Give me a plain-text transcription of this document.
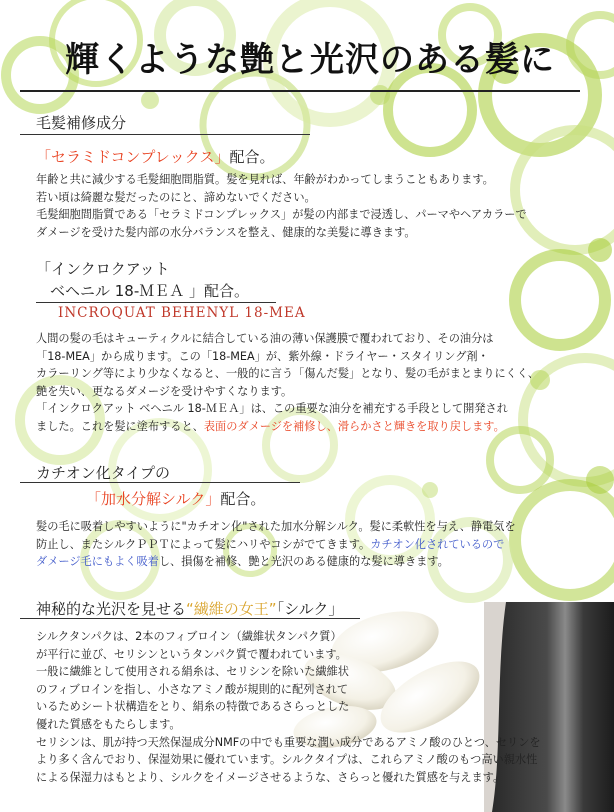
輝くような艶と光沢のある髪に
毛髪補修成分
「セラミドコンプレックス」配合。

年齢と共に減少する毛髪細胞間脂質。髪を見れば、年齢がわかってしまうこともあります。

若い頃は綺麗な髪だったのにと、諦めないでください。

毛髪細胞間脂質である「セラミドコンプレックス」が髪の内部まで浸透し、パーマやヘアカラーで

ダメージを受けた髪内部の水分バランスを整え、健康的な美髪に導きます。

「インクロクアット
ベヘニル 18-ＭＥＡ 」配合。
INCROQUAT BEHENYL 18-MEA

人間の髪の毛はキューティクルに結合している油の薄い保護膜で覆われており、その油分は

「18-MEA」から成ります。この「18-MEA」が、紫外線・ドライヤー・スタイリング剤・

カラーリング等により少なくなると、一般的に言う「傷んだ髪」となり、髪の毛がまとまりにくく、

艶を失い、更なるダメージを受けやすくなります。

「インクロクアット ベヘニル 18-ＭＥＡ」は、この重要な油分を補充する手段として開発され

ました。これを髪に塗布すると、表面のダメージを補修し、滑らかさと輝きを取り戻します。

カチオン化タイプの
「加水分解シルク」配合。

髪の毛に吸着しやすいように"カチオン化"された加水分解シルク。髪に柔軟性を与え、静電気を

防止し、またシルクＰＰＴによって髪にハリやコシがでてきます。カチオン化されているので

ダメージ毛にもよく吸着し、損傷を補修、艶と光沢のある健康的な髪に導きます。

神秘的な光沢を見せる“繊維の女王”「シルク」

シルクタンパクは、2本のフィブロイン（繊維状タンパク質）

が平行に並び、セリシンというタンパク質で覆われています。

一般に繊維として使用される絹糸は、セリシンを除いた繊維状

のフィブロインを指し、小さなアミノ酸が規則的に配列されて

いるためシート状構造をとり、絹糸の特徴であるさらっとした

優れた質感をもたらします。

セリシンは、肌が持つ天然保湿成分NMFの中でも重要な潤い成分であるアミノ酸のひとつ、セリンを

より多く含んでおり、保湿効果に優れています。シルクタイプは、これらアミノ酸のもつ高い親水性

による保湿力はもとより、シルクをイメージさせるような、さらっと優れた質感を与えます。
